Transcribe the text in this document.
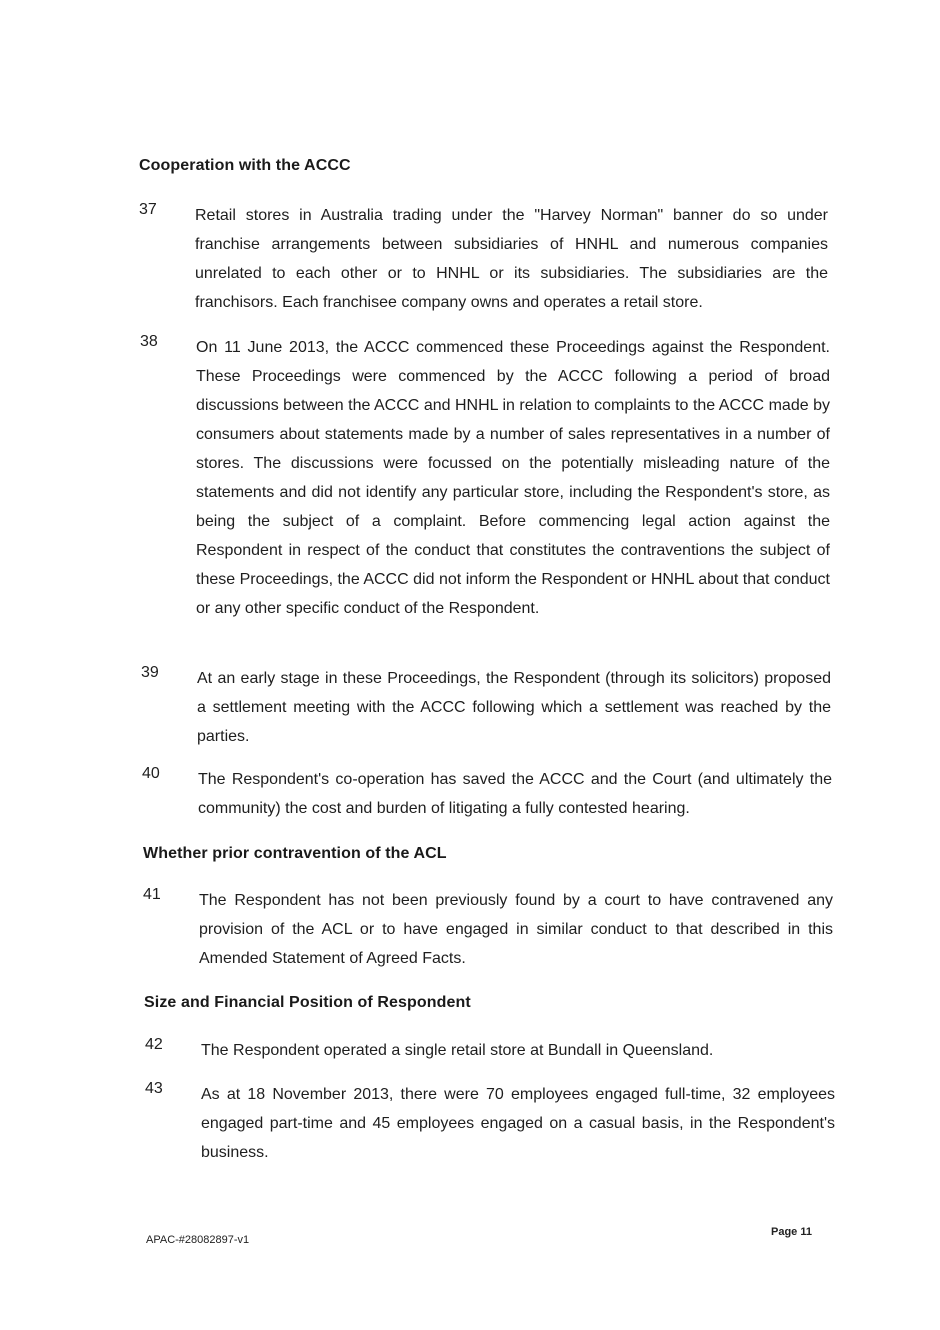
Cooperation with the ACCC
37	Retail stores in Australia trading under the "Harvey Norman" banner do so under franchise arrangements between subsidiaries of HNHL and numerous companies unrelated to each other or to HNHL or its subsidiaries. The subsidiaries are the franchisors. Each franchisee company owns and operates a retail store.
38	On 11 June 2013, the ACCC commenced these Proceedings against the Respondent. These Proceedings were commenced by the ACCC following a period of broad discussions between the ACCC and HNHL in relation to complaints to the ACCC made by consumers about statements made by a number of sales representatives in a number of stores. The discussions were focussed on the potentially misleading nature of the statements and did not identify any particular store, including the Respondent's store, as being the subject of a complaint. Before commencing legal action against the Respondent in respect of the conduct that constitutes the contraventions the subject of these Proceedings, the ACCC did not inform the Respondent or HNHL about that conduct or any other specific conduct of the Respondent.
39	At an early stage in these Proceedings, the Respondent (through its solicitors) proposed a settlement meeting with the ACCC following which a settlement was reached by the parties.
40	The Respondent's co-operation has saved the ACCC and the Court (and ultimately the community) the cost and burden of litigating a fully contested hearing.
Whether prior contravention of the ACL
41	The Respondent has not been previously found by a court to have contravened any provision of the ACL or to have engaged in similar conduct to that described in this Amended Statement of Agreed Facts.
Size and Financial Position of Respondent
42	The Respondent operated a single retail store at Bundall in Queensland.
43	As at 18 November 2013, there were 70 employees engaged full-time, 32 employees engaged part-time and 45 employees engaged on a casual basis, in the Respondent's business.
APAC-#28082897-v1
Page 11
